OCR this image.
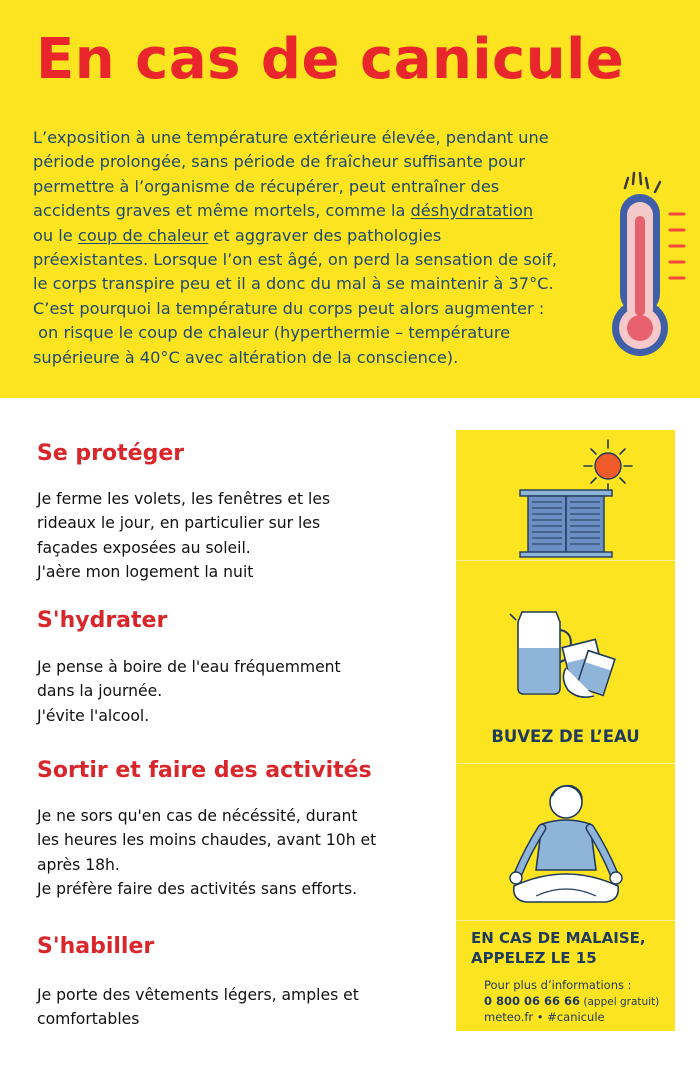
En cas de canicule
L’exposition à une température extérieure élevée, pendant une
période prolongée, sans période de fraîcheur suffisante pour
permettre à l’organisme de récupérer, peut entraîner des
accidents graves et même mortels, comme la déshydratation
ou le coup de chaleur et aggraver des pathologies
préexistantes. Lorsque l’on est âgé, on perd la sensation de soif,
le corps transpire peu et il a donc du mal à se maintenir à 37°C.
C’est pourquoi la température du corps peut alors augmenter :
on risque le coup de chaleur (hyperthermie – température
supérieure à 40°C avec altération de la conscience).
Se protéger
Je ferme les volets, les fenêtres et les
rideaux le jour, en particulier sur les
façades exposées au soleil.
J'aère mon logement la nuit
S'hydrater
Je pense à boire de l'eau fréquemment
dans la journée.
J'évite l'alcool.
Sortir et faire des activités
Je ne sors qu'en cas de nécéssité, durant
les heures les moins chaudes, avant 10h et
après 18h.
Je préfère faire des activités sans efforts.
S'habiller
Je porte des vêtements légers, amples et
comfortables

BUVEZ DE L’EAU

EN CAS DE MALAISE,
APPELEZ LE 15

Pour plus d’informations :
0 800 06 66 66 (appel gratuit)
meteo.fr • #canicule
